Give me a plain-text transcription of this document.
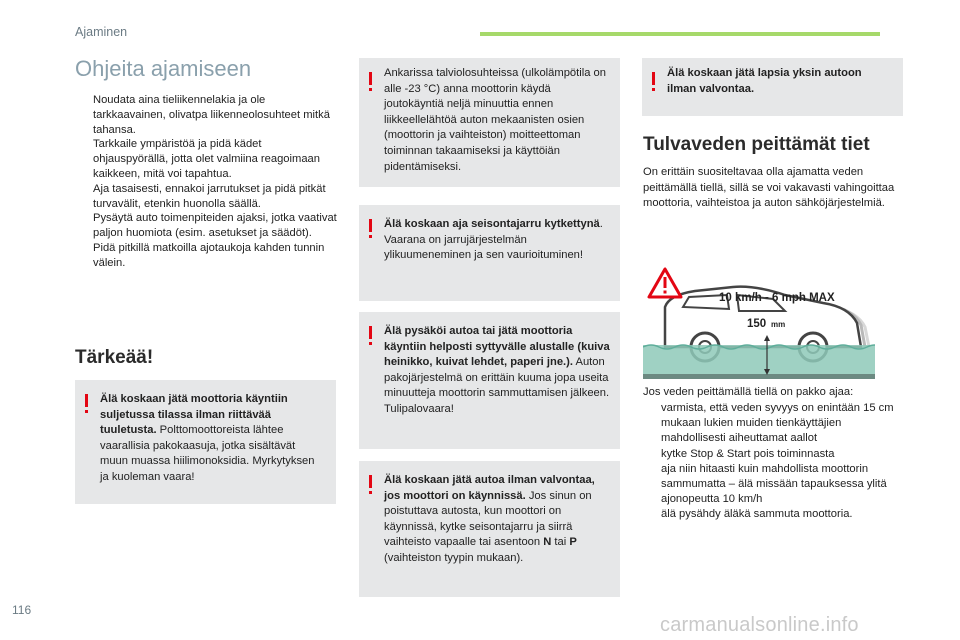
Ajaminen
Ohjeita ajamiseen
Noudata aina tieliikennelakia ja ole tarkkaavainen, olivatpa liikenneolosuhteet mitkä tahansa.
Tarkkaile ympäristöä ja pidä kädet ohjauspyörällä, jotta olet valmiina reagoimaan kaikkeen, mitä voi tapahtua.
Aja tasaisesti, ennakoi jarrutukset ja pidä pitkät turvavälit, etenkin huonolla säällä.
Pysäytä auto toimenpiteiden ajaksi, jotka vaativat paljon huomiota (esim. asetukset ja säädöt).
Pidä pitkillä matkoilla ajotaukoja kahden tunnin välein.
Tärkeää!
Älä koskaan jätä moottoria käyntiin suljetussa tilassa ilman riittävää tuuletusta. Polttomoottoreista lähtee vaarallisia pakokaasuja, jotka sisältävät muun muassa hiilimonoksidia. Myrkytyksen ja kuoleman vaara!
Ankarissa talviolosuhteissa (ulkolämpötila on alle -23 °C) anna moottorin käydä joutokäyntiä neljä minuuttia ennen liikkeellelähtöä auton mekaanisten osien (moottorin ja vaihteiston) moitteettoman toiminnan takaamiseksi ja käyttöiän pidentämiseksi.
Älä koskaan aja seisontajarru kytkettynä. Vaarana on jarrujärjestelmän ylikuumeneminen ja sen vaurioituminen!
Älä pysäköi autoa tai jätä moottoria käyntiin helposti syttyvälle alustalle (kuiva heinikko, kuivat lehdet, paperi jne.). Auton pakojärjestelmä on erittäin kuuma jopa useita minuutteja moottorin sammuttamisen jälkeen. Tulipalovaara!
Älä koskaan jätä autoa ilman valvontaa, jos moottori on käynnissä. Jos sinun on poistuttava autosta, kun moottori on käynnissä, kytke seisontajarru ja siirrä vaihteisto vapaalle tai asentoon N tai P (vaihteiston tyypin mukaan).
Älä koskaan jätä lapsia yksin autoon ilman valvontaa.
Tulvaveden peittämät tiet
On erittäin suositeltavaa olla ajamatta veden peittämällä tiellä, sillä se voi vakavasti vahingoittaa moottoria, vaihteistoa ja auton sähköjärjestelmiä.
10 km/h - 6 mph MAX
150 mm
Jos veden peittämällä tiellä on pakko ajaa:
varmista, että veden syvyys on enintään 15 cm mukaan lukien muiden tienkäyttäjien mahdollisesti aiheuttamat aallot
kytke Stop & Start pois toiminnasta
aja niin hitaasti kuin mahdollista moottorin sammumatta – älä missään tapauksessa ylitä ajonopeutta 10 km/h
älä pysähdy äläkä sammuta moottoria.
116
carmanualsonline.info
